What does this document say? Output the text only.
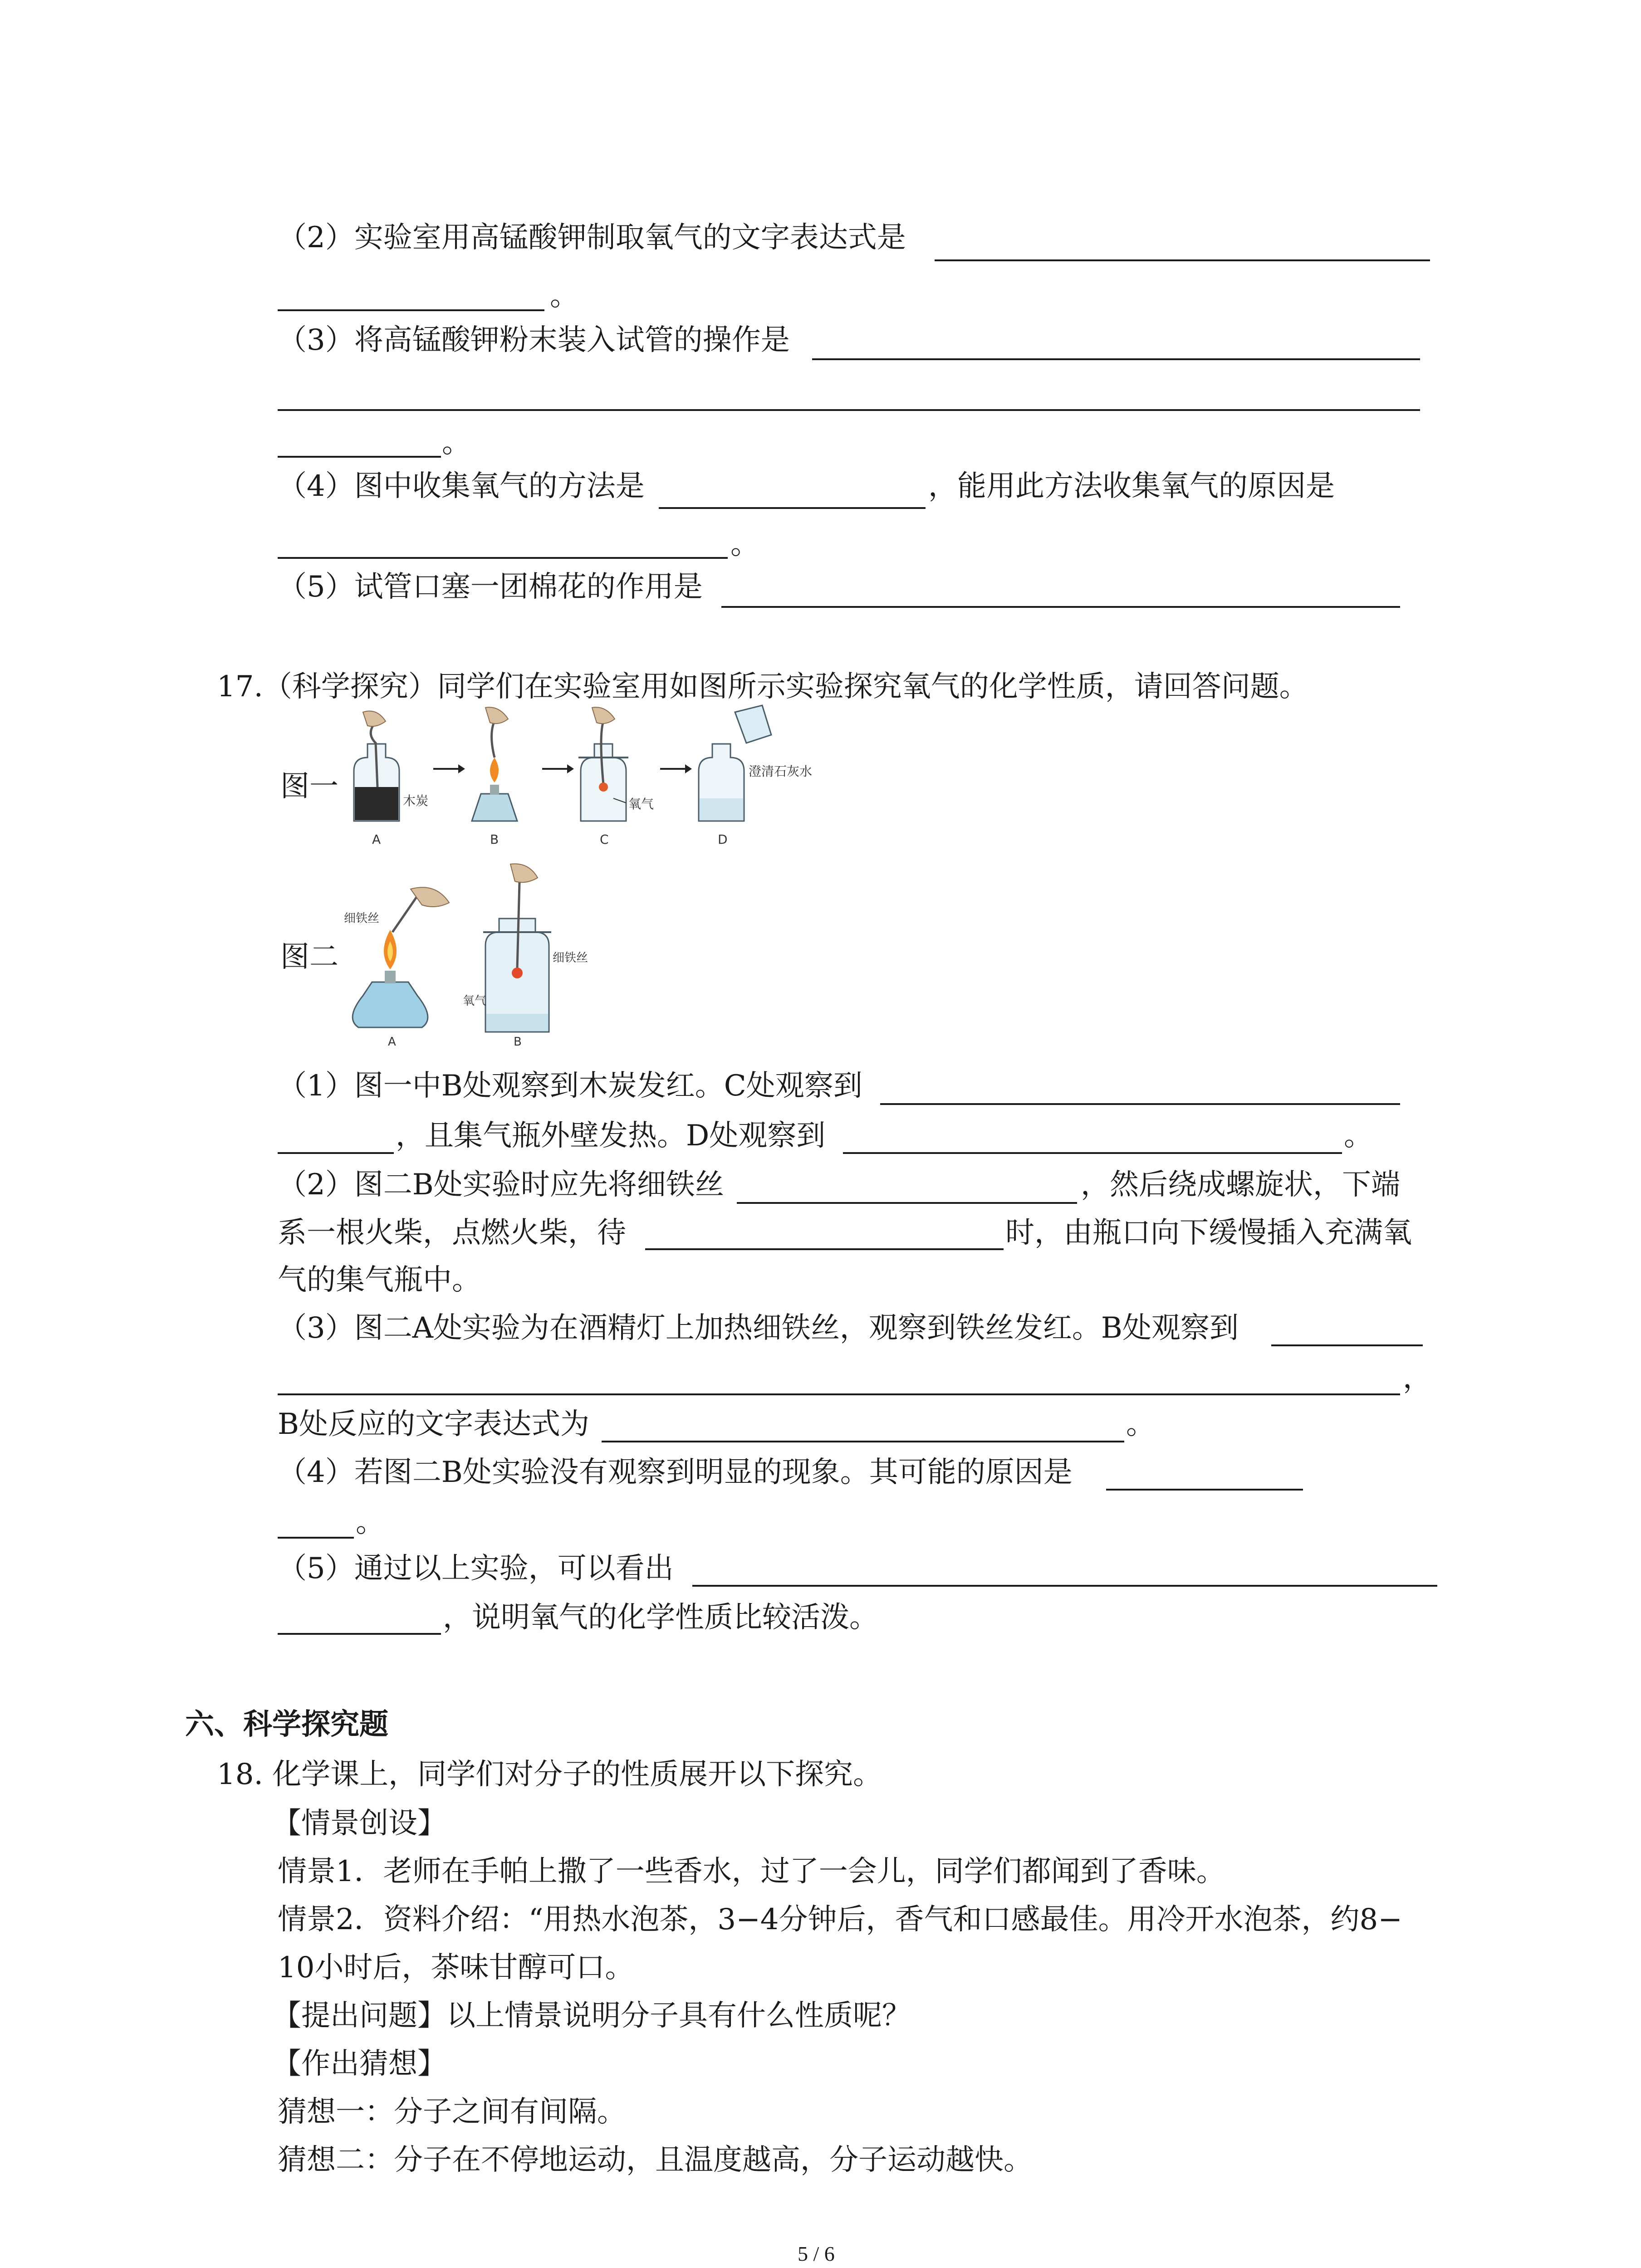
（2）实验室用高锰酸钾制取氧气的文字表达式是
。
（3）将高锰酸钾粉末装入试管的操作是
。
（4）图中收集氧气的方法是	，能用此方法收集氧气的原因是
。
（5）试管口塞一团棉花的作用是
17.（科学探究）同学们在实验室用如图所示实验探究氧气的化学性质，请回答问题。
图一	木炭
A	B
氧气
C
澄清石灰水
D
图二
细铁丝
A
细铁丝
氧气
B
（1）图一中B处观察到木炭发红。C处观察到
，且集气瓶外壁发热。D处观察到	。
（2）图二B处实验时应先将细铁丝	，然后绕成螺旋状，下端
系一根火柴，点燃火柴，待	时，由瓶口向下缓慢插入充满氧
气的集气瓶中。
（3）图二A处实验为在酒精灯上加热细铁丝，观察到铁丝发红。B处观察到
，
B处反应的文字表达式为	。
（4）若图二B处实验没有观察到明显的现象。其可能的原因是
。
（5）通过以上实验，可以看出
，说明氧气的化学性质比较活泼。
六、科学探究题
18. 化学课上，同学们对分子的性质展开以下探究。
【情景创设】
情景1．老师在手帕上撒了一些香水，过了一会儿，同学们都闻到了香味。
情景2．资料介绍：“用热水泡茶，3−4分钟后，香气和口感最佳。用冷开水泡茶，约8−
10小时后，茶味甘醇可口。
【提出问题】以上情景说明分子具有什么性质呢？
【作出猜想】
猜想一：分子之间有间隔。
猜想二：分子在不停地运动，且温度越高，分子运动越快。
5 / 6
